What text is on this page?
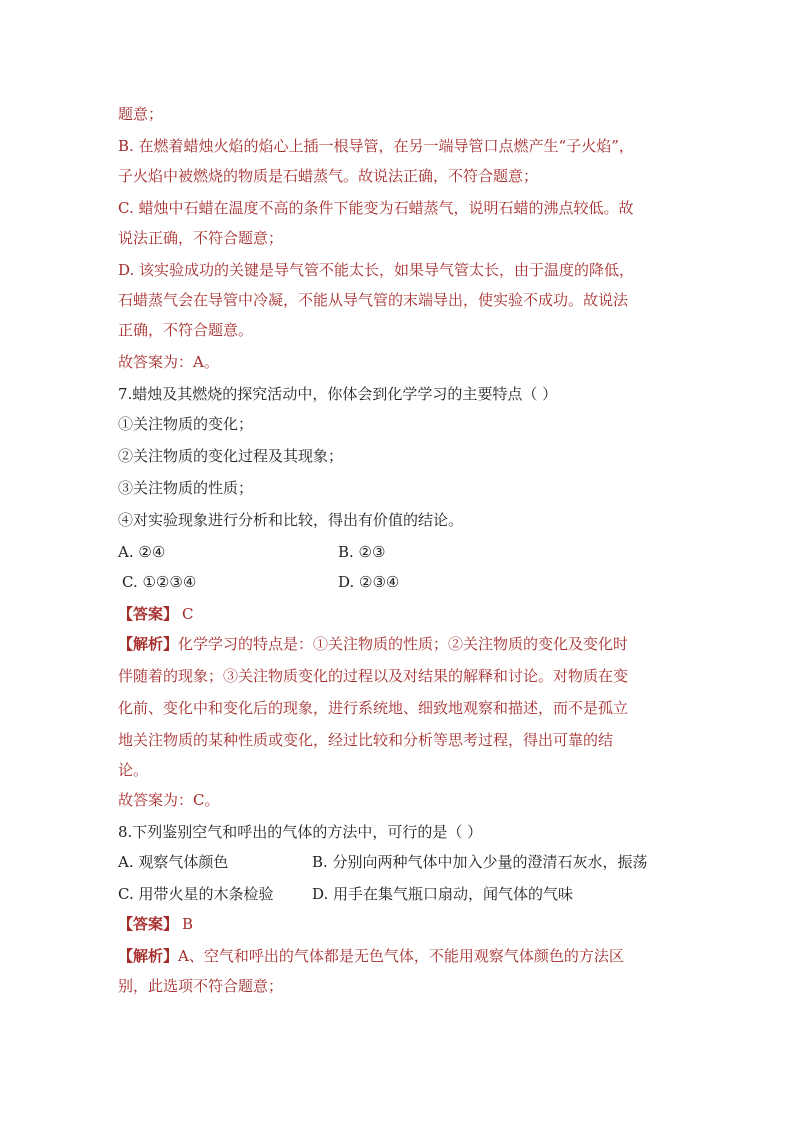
题意；
B. 在燃着蜡烛火焰的焰心上插一根导管，在另一端导管口点燃产生“子火焰”，
子火焰中被燃烧的物质是石蜡蒸气。故说法正确，不符合题意；
C. 蜡烛中石蜡在温度不高的条件下能变为石蜡蒸气，说明石蜡的沸点较低。故
说法正确，不符合题意；
D. 该实验成功的关键是导气管不能太长，如果导气管太长，由于温度的降低，
石蜡蒸气会在导管中冷凝，不能从导气管的末端导出，使实验不成功。故说法
正确，不符合题意。
故答案为：A。
7.蜡烛及其燃烧的探究活动中，你体会到化学学习的主要特点（ ）
①关注物质的变化；
②关注物质的变化过程及其现象；
③关注物质的性质；
④对实验现象进行分析和比较，得出有价值的结论。
A. ②④	B. ②③
C. ①②③④	D. ②③④
【答案】 C
【解析】化学学习的特点是：①关注物质的性质；②关注物质的变化及变化时
伴随着的现象；③关注物质变化的过程以及对结果的解释和讨论。对物质在变
化前、变化中和变化后的现象，进行系统地、细致地观察和描述，而不是孤立
地关注物质的某种性质或变化，经过比较和分析等思考过程，得出可靠的结
论。
故答案为：C。
8.下列鉴别空气和呼出的气体的方法中，可行的是（ ）
A. 观察气体颜色	B. 分别向两种气体中加入少量的澄清石灰水，振荡
C. 用带火星的木条检验	D. 用手在集气瓶口扇动，闻气体的气味
【答案】 B
【解析】A、空气和呼出的气体都是无色气体，不能用观察气体颜色的方法区
别，此选项不符合题意；
